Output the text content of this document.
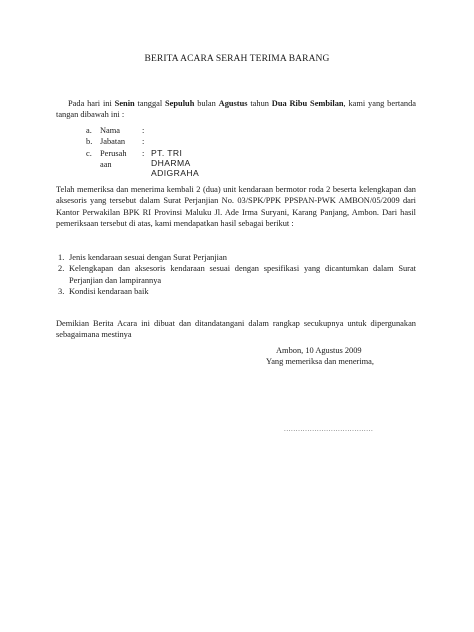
BERITA ACARA SERAH TERIMA BARANG
Pada hari ini Senin tanggal Sepuluh bulan Agustus tahun Dua Ribu Sembilan, kami yang bertanda tangan dibawah ini :
a. Nama	:
b. Jabatan :
c. Perusah
aan
: PT. TRI DHARMA ADIGRAHA
Telah memeriksa dan menerima kembali 2 (dua) unit kendaraan bermotor roda 2 beserta kelengkapan dan aksesoris yang tersebut dalam Surat Perjanjian No. 03/SPK/PPK PPSPAN-PWK AMBON/05/2009 dari Kantor Perwakilan BPK RI Provinsi Maluku Jl. Ade Irma Suryani, Karang Panjang, Ambon. Dari hasil pemeriksaan tersebut di atas, kami mendapatkan hasil sebagai berikut :
1. Jenis kendaraan sesuai dengan Surat Perjanjian
2. Kelengkapan dan aksesoris kendaraan sesuai dengan spesifikasi yang dicantumkan dalam Surat Perjanjian dan lampirannya
3. Kondisi kendaraan baik
Demikian Berita Acara ini dibuat dan ditandatangani dalam rangkap secukupnya untuk dipergunakan sebagaimana mestinya
Ambon, 10 Agustus 2009
Yang memeriksa dan menerima,
......................................
